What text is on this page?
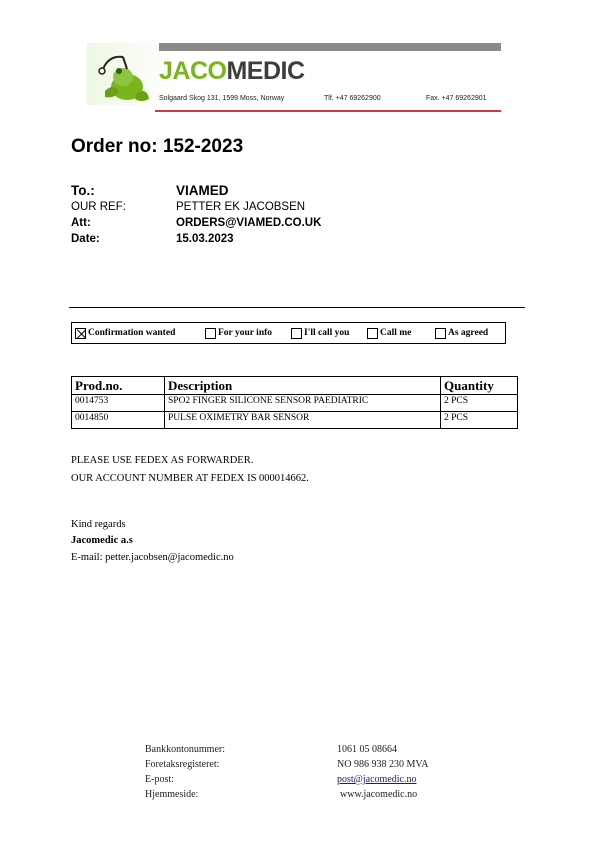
JACOMEDIC
Solgaard Skog 131, 1599 Moss, Norway	Tlf. +47 69262900	Fax. +47 69262901
Order no: 152-2023
To.:	VIAMED
OUR REF:	PETTER EK JACOBSEN
Att:	ORDERS@VIAMED.CO.UK
Date:	15.03.2023
Confirmation wanted	For your info	I'll call you	Call me	As agreed
Prod.no.	Description	Quantity
0014753	SPO2 FINGER SILICONE SENSOR PAEDIATRIC	2 PCS
0014850	PULSE OXIMETRY BAR SENSOR	2 PCS
PLEASE USE FEDEX AS FORWARDER.
OUR ACCOUNT NUMBER AT FEDEX IS 000014662.
Kind regards
Jacomedic a.s
E-mail: petter.jacobsen@jacomedic.no
Bankkontonummer:	1061 05 08664
Foretaksregisteret:	NO 986 938 230 MVA
E-post:	post@jacomedic.no
Hjemmeside:	www.jacomedic.no
